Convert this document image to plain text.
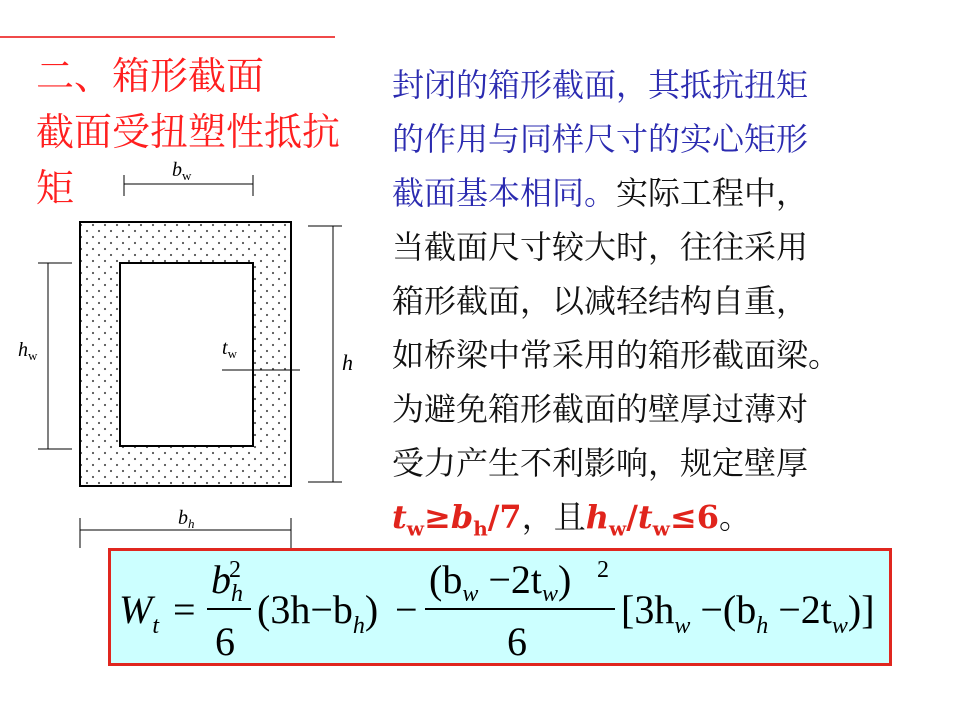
二、箱形截面
截面受扭塑性抵抗
矩
封闭的箱形截面，其抵抗扭矩
的作用与同样尺寸的实心矩形
截面基本相同。实际工程中，
当截面尺寸较大时，往往采用
箱形截面，以减轻结构自重，
如桥梁中常采用的箱形截面梁。
为避免箱形截面的壁厚过薄对
受力产生不利影响，规定壁厚
$t_w\ge b_h/7$，且$h_w/t_w\le 6$。
$b_w$
$h_w$	$t_w$	h
$b_h$
$W_t$ =
$b_h$
2
6
$(3h-b_h)$ −
$(b_w -2t_w)$ 2
6
$[3h_w -(b_h -2t_w)]$
